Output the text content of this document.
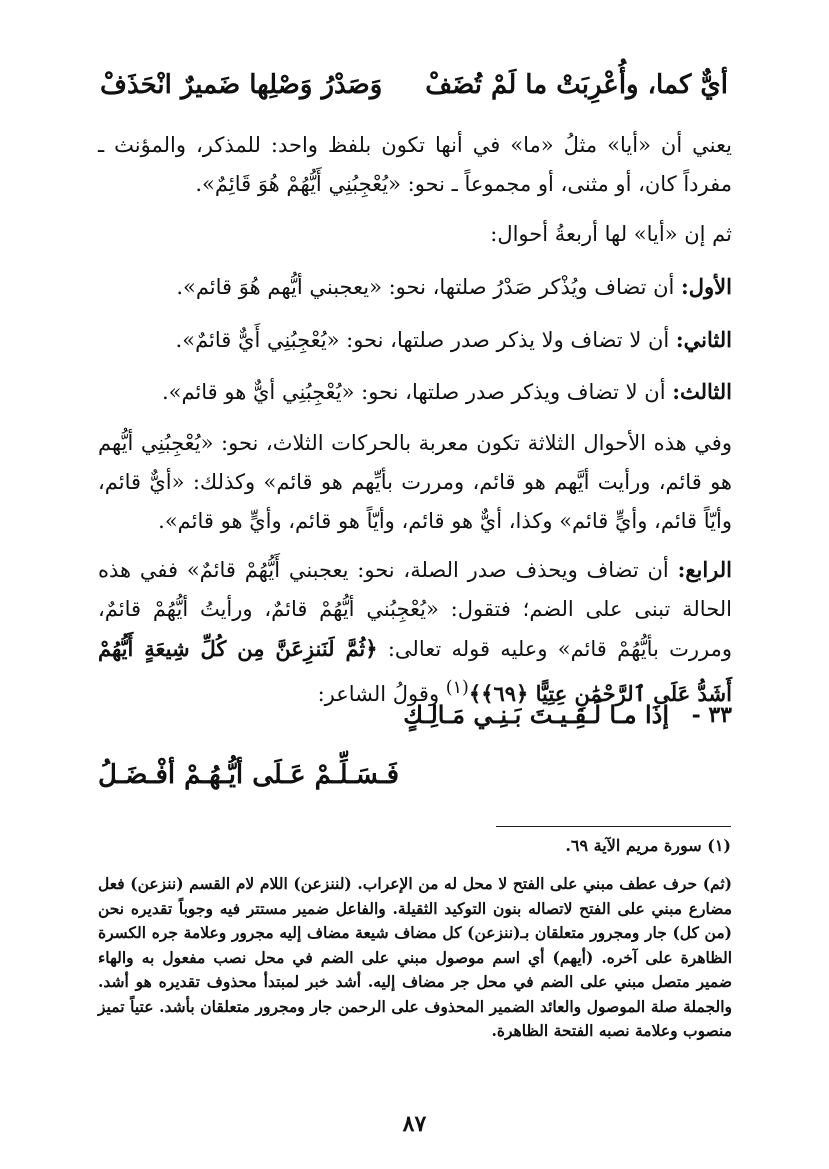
أيٌّ كما، وأُعْرِبَتْ ما لَمْ تُضَفْ
وَصَدْرُ وَصْلِها ضَميرٌ انْحَذَفْ

يعني أن «أيا» مثلُ «ما» في أنها تكون بلفظ واحد: للمذكر، والمؤنث ـ مفرداً كان، أو مثنى، أو مجموعاً ـ نحو: «يُعْجِبُنِي أَيُّهُمْ هُوَ قَائِمٌ».

ثم إن «أيا» لها أربعةُ أحوال:

الأول: أن تضاف ويُذْكر صَدْرُ صلتها، نحو: «يعجبني أيُّهم هُوَ قائم».

الثاني: أن لا تضاف ولا يذكر صدر صلتها، نحو: «يُعْجِبُنِي أَيٌّ قائمٌ».

الثالث: أن لا تضاف ويذكر صدر صلتها، نحو: «يُعْجِبُنِي أيٌّ هو قائم».

وفي هذه الأحوال الثلاثة تكون معربة بالحركات الثلاث، نحو: «يُعْجِبُنِي أيُّهم هو قائم، ورأيت أيَّهم هو قائم، ومررت بأيِّهم هو قائم» وكذلك: «أيٌّ قائم، وأيّاً قائم، وأيٍّ قائم» وكذا، أيٌّ هو قائم، وأيّاً هو قائم، وأيٍّ هو قائم».

الرابع: أن تضاف ويحذف صدر الصلة، نحو: يعجبني أَيُّهُمْ قائمٌ» ففي هذه الحالة تبنى على الضم؛ فتقول: «يُعْجِبُني أيُّهُمْ قائمٌ، ورأيتُ أيُّهُمْ قائمٌ، ومررت بأيُّهُمْ قائم» وعليه قوله تعالى: ﴿ثُمَّ لَنَنزِعَنَّ مِن كُلِّ شِيعَةٍ أَيُّهُمْ أَشَدُّ عَلَى ٱلرَّحْمَٰنِ عِتِيًّا ﴿٦٩﴾﴾$^{(١)}$ وقولُ الشاعر:

٣٣ -
إذَا مـا لَـقِـيـتَ بَـنِـي مَـالِـكٍ
فَـسَـلِّـمْ عَـلَى أيُّـهُـمْ أفْـضَـلُ
(١) سورة مريم الآية ٦٩.

(ثم) حرف عطف مبني على الفتح لا محل له من الإعراب. (لننزعن) اللام لام القسم (ننزعن) فعل مضارع مبني على الفتح لاتصاله بنون التوكيد الثقيلة. والفاعل ضمير مستتر فيه وجوباً تقديره نحن (من كل) جار ومجرور متعلقان بـ(ننزعن) كل مضاف شيعة مضاف إليه مجرور وعلامة جره الكسرة الظاهرة على آخره. (أيهم) أي اسم موصول مبني على الضم في محل نصب مفعول به والهاء ضمير متصل مبني على الضم في محل جر مضاف إليه. أشد خبر لمبتدأ محذوف تقديره هو أشد. والجملة صلة الموصول والعائد الضمير المحذوف على الرحمن جار ومجرور متعلقان بأشد. عتياً تميز منصوب وعلامة نصبه الفتحة الظاهرة.

٨٧
